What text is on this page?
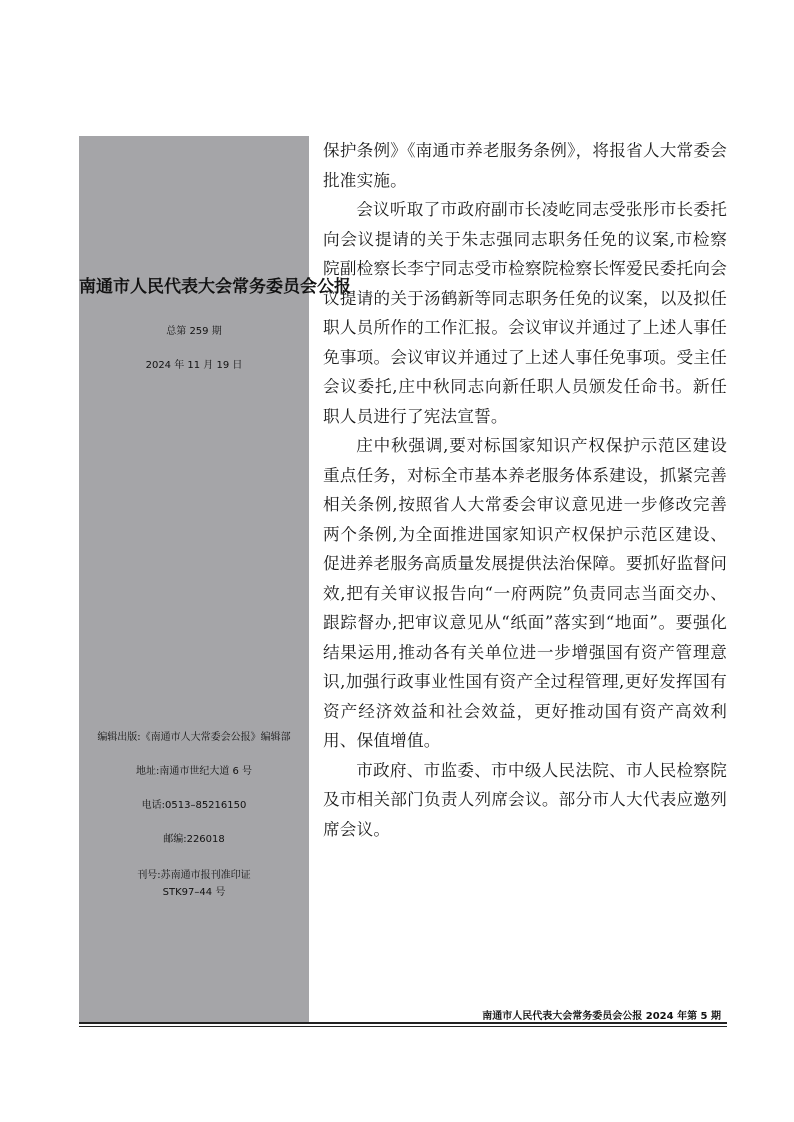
南通市人民代表大会常务委员会公报
总第 259 期
2024 年 11 月 19 日
编辑出版:《南通市人大常委会公报》编辑部
地址:南通市世纪大道 6 号
电话:0513–85216150
邮编:226018
刊号:苏南通市报刊准印证
STK97–44 号

保护条例》《南通市养老服务条例》，将报省人大常委会批准实施。

会议听取了市政府副市长凌屹同志受张彤市长委托向会议提请的关于朱志强同志职务任免的议案,市检察院副检察长李宁同志受市检察院检察长恽爱民委托向会议提请的关于汤鹤新等同志职务任免的议案，以及拟任职人员所作的工作汇报。会议审议并通过了上述人事任免事项。会议审议并通过了上述人事任免事项。受主任会议委托,庄中秋同志向新任职人员颁发任命书。新任职人员进行了宪法宣誓。

庄中秋强调,要对标国家知识产权保护示范区建设重点任务，对标全市基本养老服务体系建设，抓紧完善相关条例,按照省人大常委会审议意见进一步修改完善两个条例,为全面推进国家知识产权保护示范区建设、促进养老服务高质量发展提供法治保障。要抓好监督问效,把有关审议报告向“一府两院”负责同志当面交办、跟踪督办,把审议意见从“纸面”落实到“地面”。要强化结果运用,推动各有关单位进一步增强国有资产管理意识,加强行政事业性国有资产全过程管理,更好发挥国有资产经济效益和社会效益，更好推动国有资产高效利用、保值增值。

市政府、市监委、市中级人民法院、市人民检察院及市相关部门负责人列席会议。部分市人大代表应邀列席会议。

南通市人民代表大会常务委员会公报 2024 年第 5 期
